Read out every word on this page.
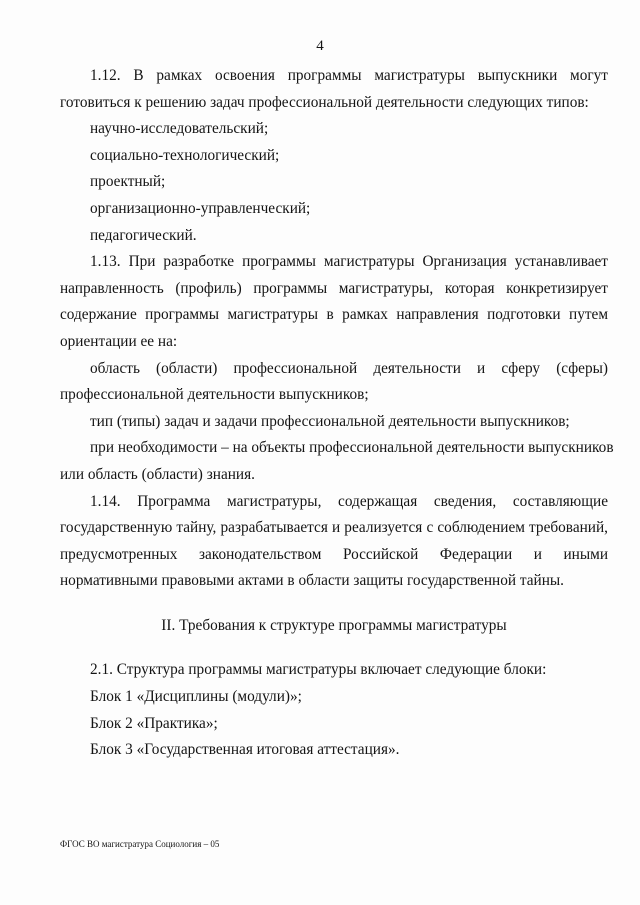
4
1.12. В рамках освоения программы магистратуры выпускники могут
готовиться к решению задач профессиональной деятельности следующих типов:
научно-исследовательский;
социально-технологический;
проектный;
организационно-управленческий;
педагогический.
1.13. При разработке программы магистратуры Организация устанавливает
направленность (профиль) программы магистратуры, которая конкретизирует
содержание программы магистратуры в рамках направления подготовки путем
ориентации ее на:
область (области) профессиональной деятельности и сферу (сферы)
профессиональной деятельности выпускников;
тип (типы) задач и задачи профессиональной деятельности выпускников;
при необходимости – на объекты профессиональной деятельности выпускников
или область (области) знания.
1.14. Программа магистратуры, содержащая сведения, составляющие
государственную тайну, разрабатывается и реализуется с соблюдением требований,
предусмотренных законодательством Российской Федерации и иными
нормативными правовыми актами в области защиты государственной тайны.
II. Требования к структуре программы магистратуры
2.1. Структура программы магистратуры включает следующие блоки:
Блок 1 «Дисциплины (модули)»;
Блок 2 «Практика»;
Блок 3 «Государственная итоговая аттестация».
ФГОС ВО магистратура Социология – 05
